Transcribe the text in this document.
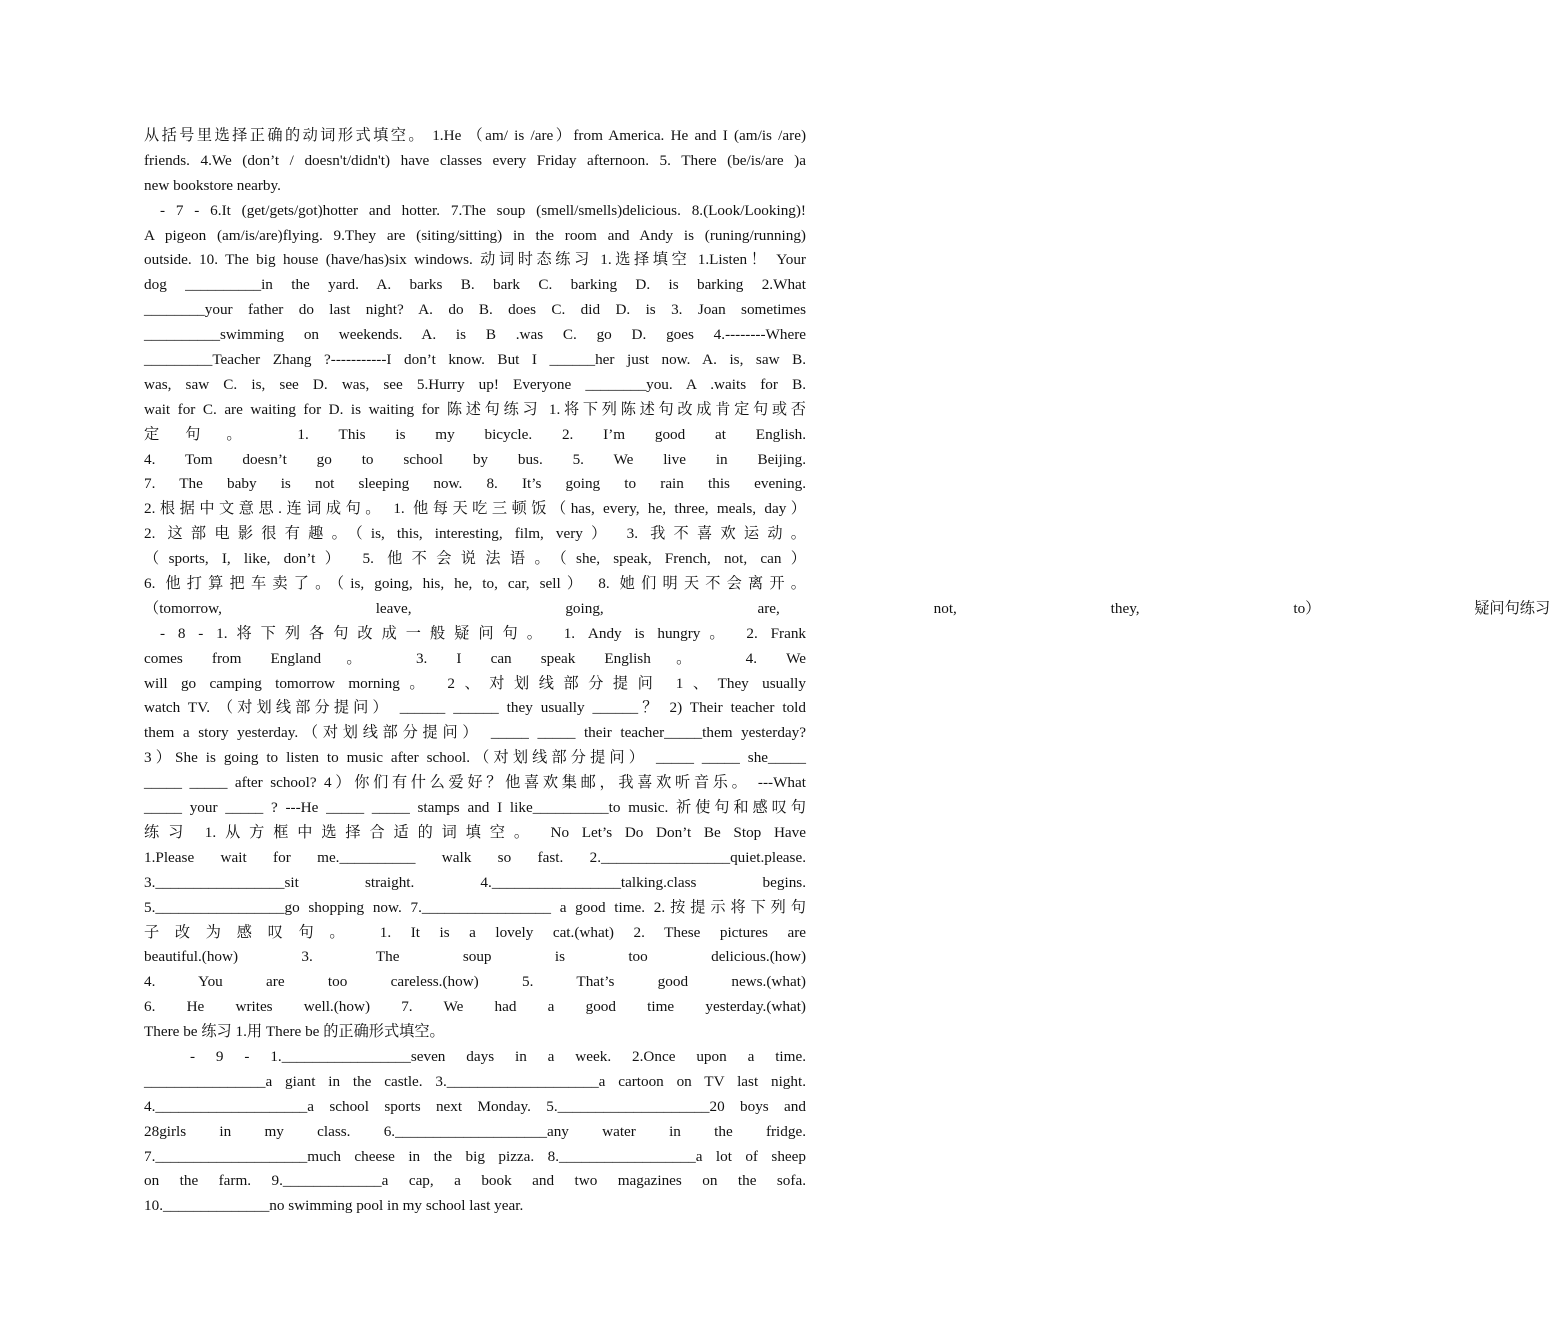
从括号里选择正确的动词形式填空。 1.He （am/ is /are）from America. He and I (am/is /are)
friends. 4.We (don’t / doesn't/didn't) have classes every Friday afternoon. 5. There (be/is/are )a
new bookstore nearby.
- 7 - 6.It (get/gets/got)hotter and hotter. 7.The soup (smell/smells)delicious. 8.(Look/Looking)!
A pigeon (am/is/are)flying. 9.They are (siting/sitting) in the room and Andy is (runing/running)
outside. 10. The big house (have/has)six windows. 动词时态练习 1.选择填空 1.Listen！ Your
dog __________in the yard. A. barks B. bark C. barking D. is barking 2.What
________your father do last night? A. do B. does C. did D. is 3. Joan sometimes
__________swimming on weekends. A. is B .was C. go D. goes 4.--------Where
_________Teacher Zhang ?-----------I don’t know. But I ______her just now. A. is, saw B.
was, saw C. is, see D. was, see 5.Hurry up! Everyone ________you. A .waits for B.
wait for C. are waiting for D. is waiting for 陈述句练习 1.将下列陈述句改成肯定句或否
定句。 1. This is my bicycle. 2. I’m good at English.
4. Tom doesn’t go to school by bus. 5. We live in Beijing.
7. The baby is not sleeping now. 8. It’s going to rain this evening.
2.根据中文意思.连词成句。 1. 他每天吃三顿饭（has, every, he, three, meals, day）
2. 这部电影很有趣。（is, this, interesting, film, very） 3. 我不喜欢运动。
（sports, I, like, don’t） 5. 他不会说法语。（she, speak, French, not, can）
6. 他打算把车卖了。（is, going, his, he, to, car, sell） 8. 她们明天不会离开。
（tomorrow, leave, going, are, not, they, to） 疑问句练习
- 8 - 1.将下列各句改成一般疑问句。 1. Andy is hungry。 2. Frank
comes from England。 3. I can speak English。 4. We
will go camping tomorrow morning。 2、对划线部分提问 1、They usually
watch TV. （对划线部分提问） ______ ______ they usually ______？ 2) Their teacher told
them a story yesterday.（对划线部分提问） _____ _____ their teacher_____them yesterday?
3）She is going to listen to music after school.（对划线部分提问） _____ _____ she_____
_____ _____ after school? 4）你们有什么爱好？他喜欢集邮，我喜欢听音乐。 ---What
_____ your _____ ? ---He _____ _____ stamps and I like__________to music. 祈使句和感叹句
练习 1.从方框中选择合适的词填空。 No Let’s Do Don’t Be Stop Have
1.Please wait for me.__________ walk so fast. 2._________________quiet.please.
3._________________sit straight. 4._________________talking.class begins.
5._________________go shopping now. 7._________________ a good time. 2.按提示将下列句
子改为感叹句。 1. It is a lovely cat.(what) 2. These pictures are
beautiful.(how) 3. The soup is too delicious.(how)
4. You are too careless.(how) 5. That’s good news.(what)
6. He writes well.(how) 7. We had a good time yesterday.(what)
There be 练习 1.用 There be 的正确形式填空。
- 9 - 1._________________seven days in a week. 2.Once upon a time.
________________a giant in the castle. 3.____________________a cartoon on TV last night.
4.____________________a school sports next Monday. 5.____________________20 boys and
28girls in my class. 6.____________________any water in the fridge.
7.____________________much cheese in the big pizza. 8.__________________a lot of sheep
on the farm. 9._____________a cap, a book and two magazines on the sofa.
10.______________no swimming pool in my school last year.
